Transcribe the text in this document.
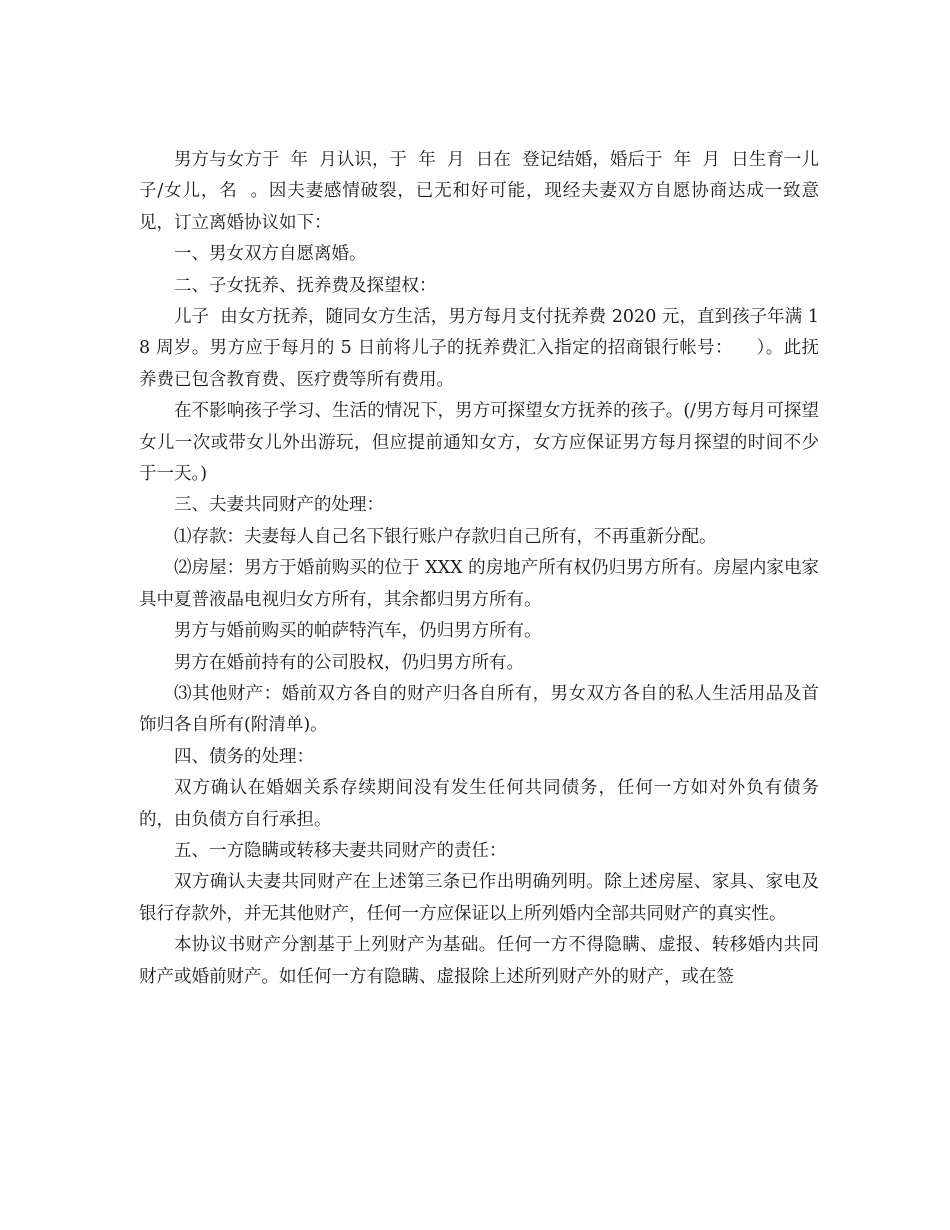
男方与女方于  年  月认识，于  年  月  日在  登记结婚，婚后于  年  月  日生育一儿子/女儿，名  。因夫妻感情破裂，已无和好可能，现经夫妻双方自愿协商达成一致意见，订立离婚协议如下：

一、男女双方自愿离婚。

二、子女抚养、抚养费及探望权：

儿子  由女方抚养，随同女方生活，男方每月支付抚养费 2020 元，直到孩子年满 18 周岁。男方应于每月的 5 日前将儿子的抚养费汇入指定的招商银行帐号：    ）。此抚养费已包含教育费、医疗费等所有费用。

在不影响孩子学习、生活的情况下，男方可探望女方抚养的孩子。(/男方每月可探望女儿一次或带女儿外出游玩，但应提前通知女方，女方应保证男方每月探望的时间不少于一天。)

三、夫妻共同财产的处理：

⑴存款：夫妻每人自己名下银行账户存款归自己所有，不再重新分配。

⑵房屋：男方于婚前购买的位于 XXX 的房地产所有权仍归男方所有。房屋内家电家具中夏普液晶电视归女方所有，其余都归男方所有。

男方与婚前购买的帕萨特汽车，仍归男方所有。

男方在婚前持有的公司股权，仍归男方所有。

⑶其他财产：婚前双方各自的财产归各自所有，男女双方各自的私人生活用品及首饰归各自所有(附清单)。

四、债务的处理：

双方确认在婚姻关系存续期间没有发生任何共同债务，任何一方如对外负有债务的，由负债方自行承担。

五、一方隐瞒或转移夫妻共同财产的责任：

双方确认夫妻共同财产在上述第三条已作出明确列明。除上述房屋、家具、家电及银行存款外，并无其他财产，任何一方应保证以上所列婚内全部共同财产的真实性。

本协议书财产分割基于上列财产为基础。任何一方不得隐瞒、虚报、转移婚内共同财产或婚前财产。如任何一方有隐瞒、虚报除上述所列财产外的财产，或在签
